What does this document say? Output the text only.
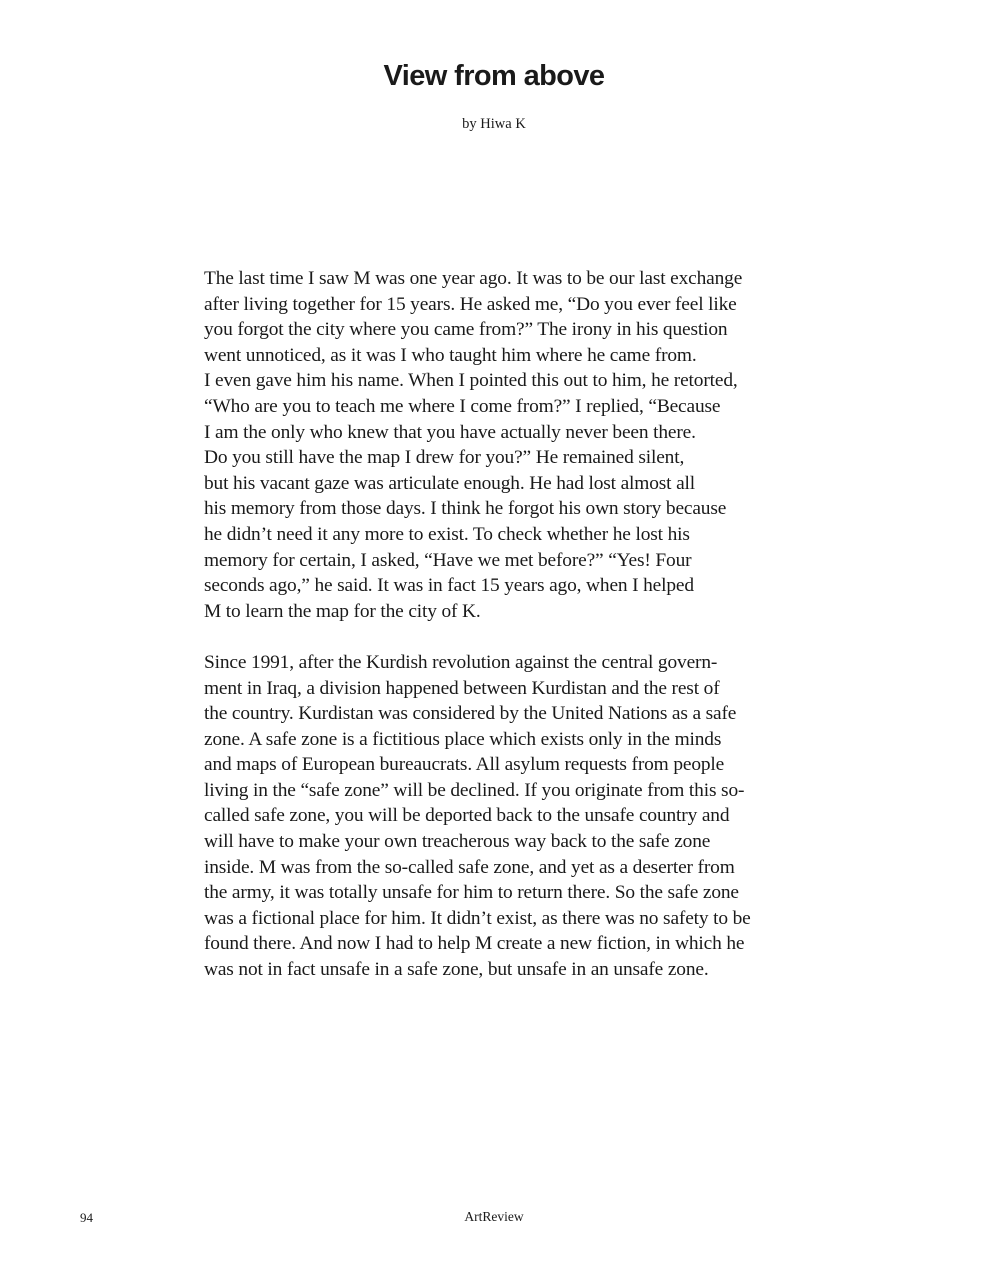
View from above

by Hiwa K

The last time I saw M was one year ago. It was to be our last exchange
after living together for 15 years. He asked me, “Do you ever feel like
you forgot the city where you came from?” The irony in his question
went unnoticed, as it was I who taught him where he came from.
I even gave him his name. When I pointed this out to him, he retorted,
“Who are you to teach me where I come from?” I replied, “Because
I am the only who knew that you have actually never been there.
Do you still have the map I drew for you?” He remained silent,
but his vacant gaze was articulate enough. He had lost almost all
his memory from those days. I think he forgot his own story because
he didn’t need it any more to exist. To check whether he lost his
memory for certain, I asked, “Have we met before?” “Yes! Four
seconds ago,” he said. It was in fact 15 years ago, when I helped
M to learn the map for the city of K.

Since 1991, after the Kurdish revolution against the central govern-
ment in Iraq, a division happened between Kurdistan and the rest of
the country. Kurdistan was considered by the United Nations as a safe
zone. A safe zone is a fictitious place which exists only in the minds
and maps of European bureaucrats. All asylum requests from people
living in the “safe zone” will be declined. If you originate from this so-
called safe zone, you will be deported back to the unsafe country and
will have to make your own treacherous way back to the safe zone
inside. M was from the so-called safe zone, and yet as a deserter from
the army, it was totally unsafe for him to return there. So the safe zone
was a fictional place for him. It didn’t exist, as there was no safety to be
found there. And now I had to help M create a new fiction, in which he
was not in fact unsafe in a safe zone, but unsafe in an unsafe zone.

94	ArtReview
